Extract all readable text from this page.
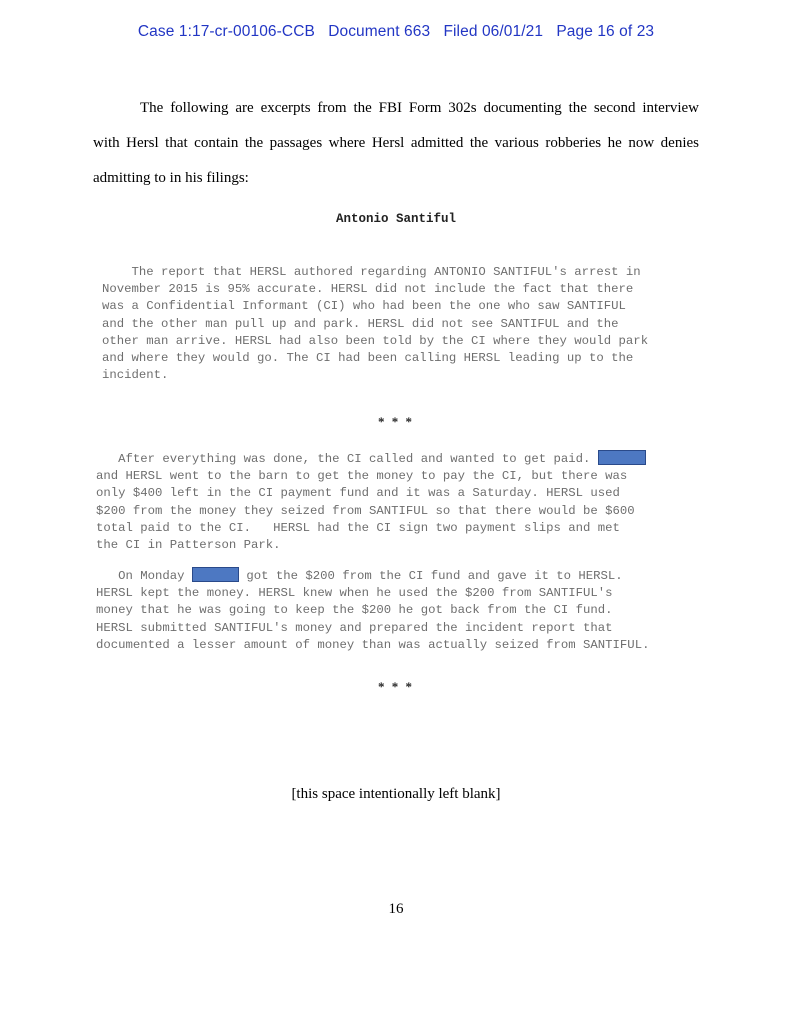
Case 1:17-cr-00106-CCB Document 663 Filed 06/01/21 Page 16 of 23
The following are excerpts from the FBI Form 302s documenting the second interview
with Hersl that contain the passages where Hersl admitted the various robberies he now denies
admitting to in his filings:
Antonio Santiful
The report that HERSL authored regarding ANTONIO SANTIFUL's arrest in
November 2015 is 95% accurate. HERSL did not include the fact that there
was a Confidential Informant (CI) who had been the one who saw SANTIFUL
and the other man pull up and park. HERSL did not see SANTIFUL and the
other man arrive. HERSL had also been told by the CI where they would park
and where they would go. The CI had been calling HERSL leading up to the
incident.
* * *
After everything was done, the CI called and wanted to get paid.
and HERSL went to the barn to get the money to pay the CI, but there was
only $400 left in the CI payment fund and it was a Saturday. HERSL used
$200 from the money they seized from SANTIFUL so that there would be $600
total paid to the CI.   HERSL had the CI sign two payment slips and met
the CI in Patterson Park.
On Monday	got the $200 from the CI fund and gave it to HERSL.
HERSL kept the money. HERSL knew when he used the $200 from SANTIFUL's
money that he was going to keep the $200 he got back from the CI fund.
HERSL submitted SANTIFUL's money and prepared the incident report that
documented a lesser amount of money than was actually seized from SANTIFUL.
* * *
[this space intentionally left blank]
16
